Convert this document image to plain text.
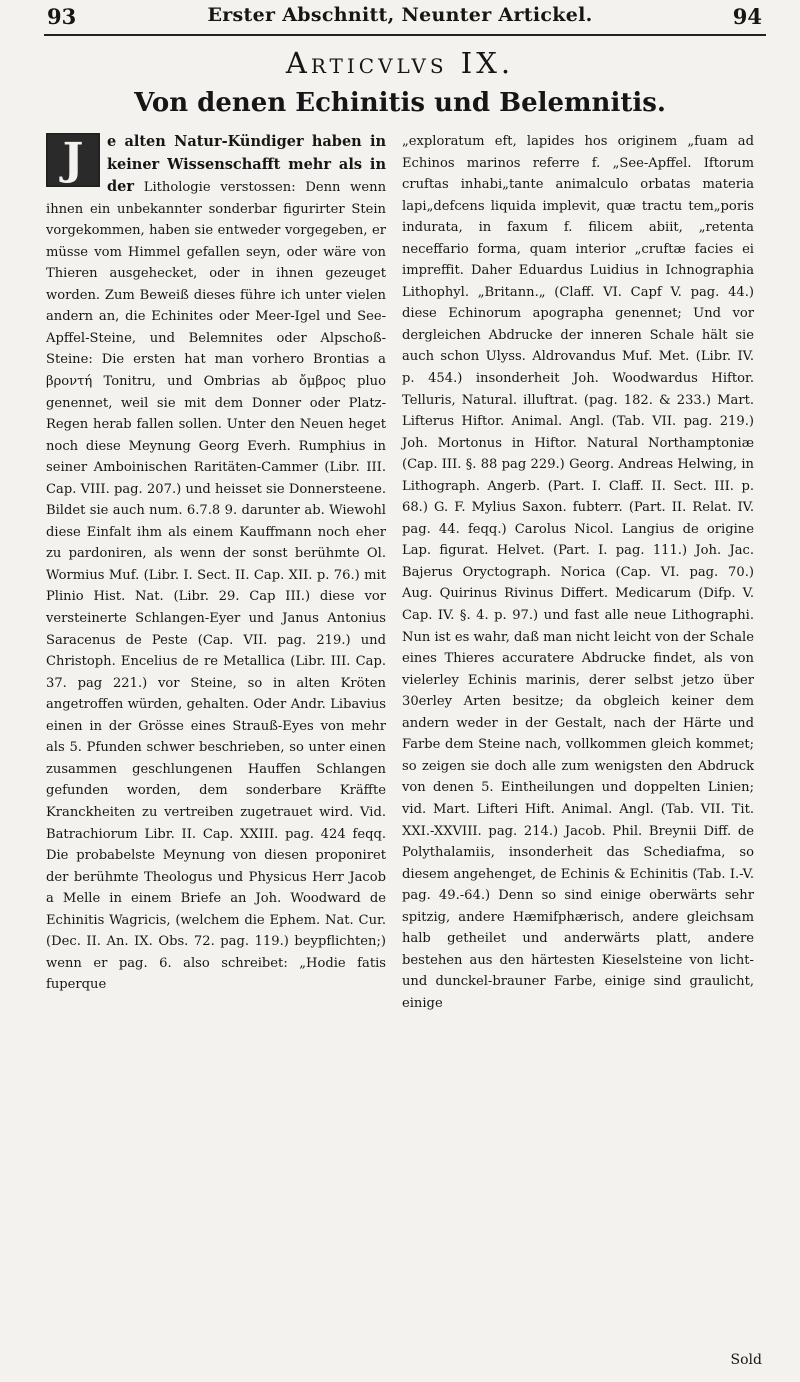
93	Erster Abschnitt, Neunter Artickel.	94
Articvlvs IX.
Von denen Echinitis und Belemnitis.
J	e alten Natur-Kündiger haben in keiner Wissenschafft mehr als in der Lithologie verstossen: Denn wenn ihnen ein unbekannter sonderbar figurirter Stein vorgekommen, haben sie entweder vorgegeben, er müsse vom Himmel gefallen seyn, oder wäre von Thieren ausgehecket, oder in ihnen gezeuget worden. Zum Beweiß dieses führe ich unter vielen andern an, die Echinites oder Meer-Igel und See-Apffel-Steine, und Belemnites oder Alpschoß-Steine: Die ersten hat man vorhero Brontias a βροντή Tonitru, und Ombrias ab ὄμβρος pluo genennet, weil sie mit dem Donner oder Platz-Regen herab fallen sollen. Unter den Neuen heget noch diese Meynung Georg Everh. Rumphius in seiner Amboinischen Raritäten-Cammer (Libr. III. Cap. VIII. pag. 207.) und heisset sie Donnersteene. Bildet sie auch num. 6.7.8 9. darunter ab. Wiewohl diese Einfalt ihm als einem Kauffmann noch eher zu pardoniren, als wenn der sonst berühmte Ol. Wormius Muf. (Libr. I. Sect. II. Cap. XII. p. 76.) mit Plinio Hist. Nat. (Libr. 29. Cap III.) diese vor versteinerte Schlangen-Eyer und Janus Antonius Saracenus de Peste (Cap. VII. pag. 219.) und Christoph. Encelius de re Metallica (Libr. III. Cap. 37. pag 221.) vor Steine, so in alten Kröten angetroffen würden, gehalten. Oder Andr. Libavius einen in der Grösse eines Strauß-Eyes von mehr als 5. Pfunden schwer beschrieben, so unter einen zusammen geschlungenen Hauffen Schlangen gefunden worden, dem sonderbare Kräffte Kranckheiten zu vertreiben zugetrauet wird. Vid. Batrachiorum Libr. II. Cap. XXIII. pag. 424 feqq. Die probabelste Meynung von diesen proponiret der berühmte Theologus und Physicus Herr Jacob a Melle in einem Briefe an Joh. Woodward de Echinitis Wagricis, (welchem die Ephem. Nat. Cur. (Dec. II. An. IX. Obs. 72. pag. 119.) beypflichten;) wenn er pag. 6. also schreibet: „Hodie fatis fuperque

„exploratum eft, lapides hos originem „fuam ad Echinos marinos referre f. „See-Apffel. Iftorum cruftas inhabi„tante animalculo orbatas materia lapi„defcens liquida implevit, quæ tractu tem„poris indurata, in faxum f. filicem abiit, „retenta neceffario forma, quam interior „cruftæ facies ei impreffit. Daher Eduardus Luidius in Ichnographia Lithophyl. „Britann.„ (Claff. VI. Capf V. pag. 44.) diese Echinorum apographa genennet; Und vor dergleichen Abdrucke der inneren Schale hält sie auch schon Ulyss. Aldrovandus Muf. Met. (Libr. IV. p. 454.) insonderheit Joh. Woodwardus Hiftor. Telluris, Natural. illuftrat. (pag. 182. & 233.) Mart. Lifterus Hiftor. Animal. Angl. (Tab. VII. pag. 219.) Joh. Mortonus in Hiftor. Natural Northamptoniæ (Cap. III. §. 88 pag 229.) Georg. Andreas Helwing, in Lithograph. Angerb. (Part. I. Claff. II. Sect. III. p. 68.) G. F. Mylius Saxon. fubterr. (Part. II. Relat. IV. pag. 44. feqq.) Carolus Nicol. Langius de origine Lap. figurat. Helvet. (Part. I. pag. 111.) Joh. Jac. Bajerus Oryctograph. Norica (Cap. VI. pag. 70.) Aug. Quirinus Rivinus Differt. Medicarum (Difp. V. Cap. IV. §. 4. p. 97.) und fast alle neue Lithographi. Nun ist es wahr, daß man nicht leicht von der Schale eines Thieres accuratere Abdrucke findet, als von vielerley Echinis marinis, derer selbst jetzo über 30erley Arten besitze; da obgleich keiner dem andern weder in der Gestalt, nach der Härte und Farbe dem Steine nach, vollkommen gleich kommet; so zeigen sie doch alle zum wenigsten den Abdruck von denen 5. Eintheilungen und doppelten Linien; vid. Mart. Lifteri Hift. Animal. Angl. (Tab. VII. Tit. XXI.-XXVIII. pag. 214.) Jacob. Phil. Breynii Diff. de Polythalamiis, insonderheit das Schediafma, so diesem angehenget, de Echinis & Echinitis (Tab. I.-V. pag. 49.-64.) Denn so sind einige oberwärts sehr spitzig, andere Hæmifphærisch, andere gleichsam halb getheilet und anderwärts platt, andere bestehen aus den härtesten Kieselsteine von licht- und dunckel-brauner Farbe, einige sind graulicht, einige

Sold
